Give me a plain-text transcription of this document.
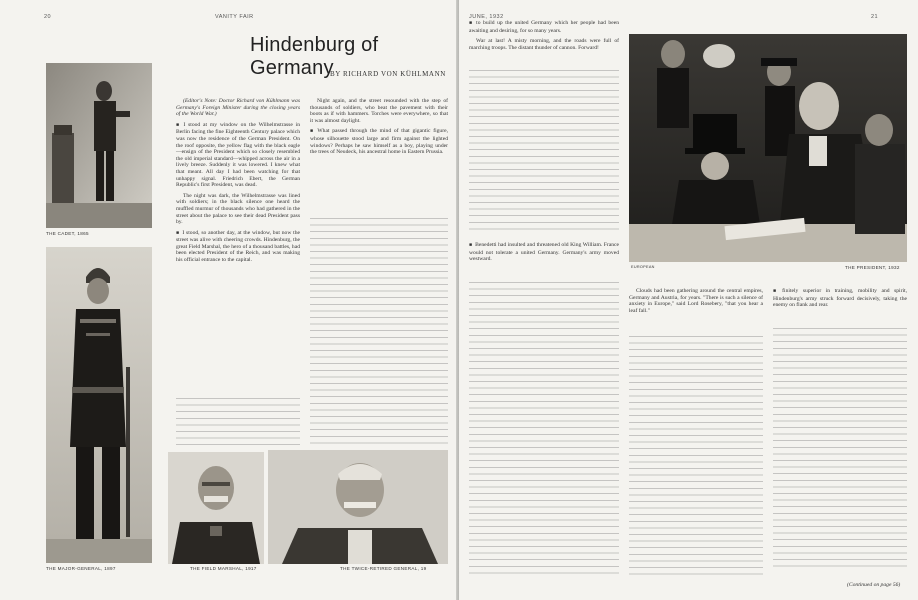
20	VANITY FAIR
Hindenburg of Germany
BY RICHARD VON KÜHLMANN
THE CADET, 1865
THE MAJOR-GENERAL, 1897	THE FIELD MARSHAL, 1917	THE TWICE-RETIRED GENERAL, 19

(Editor's Note: Doctor Richard von Kühlmann was Germany's Foreign Minister during the closing years of the World War.)

■ I stood at my window on the Wilhelmstrasse in Berlin facing the fine Eighteenth Century palace which was now the residence of the German President. On the roof opposite, the yellow flag with the black eagle—ensign of the President which so closely resembled the old imperial standard—whipped across the air in a lively breeze. Suddenly it was lowered. I knew what that meant. All day I had been watching for that unhappy signal. Friedrich Ebert, the German Republic's first President, was dead.

The night was dark, the Wilhelmstrasse was lined with soldiers; in the black silence one heard the muffled murmur of thousands who had gathered in the street about the palace to see their dead President pass by.

■ I stood, so another day, at the window, but now the street was alive with cheering crowds. Hindenburg, the great Field Marshal, the hero of a thousand battles, had been elected President of the Reich, and was making his official entrance to the capital.

Night again, and the street resounded with the step of thousands of soldiers, who beat the pavement with their boots as if with hammers. Torches were everywhere, so that it was almost daylight.

■ What passed through the mind of that gigantic figure, whose silhouette stood large and firm against the lighted windows? Perhaps he saw himself as a boy, playing under the trees of Neudeck, his ancestral home in Eastern Prussia.

JUNE, 1932	21
EUROPEAN	THE PRESIDENT, 1932

■ to build up the united Germany which her people had been awaiting and desiring, for so many years.

War at last! A misty morning, and the roads were full of marching troops. The distant thunder of cannon. Forward!

■ Benedetti had insulted and threatened old King William. France would not tolerate a united Germany. Germany's army moved westward.

Clouds had been gathering around the central empires, Germany and Austria, for years. "There is such a silence of anxiety in Europe," said Lord Rosebery, "that you hear a leaf fall."

■ finitely superior in training, mobility and spirit, Hindenburg's army struck forward decisively, taking the enemy on flank and rear.

(Continued on page 56)
